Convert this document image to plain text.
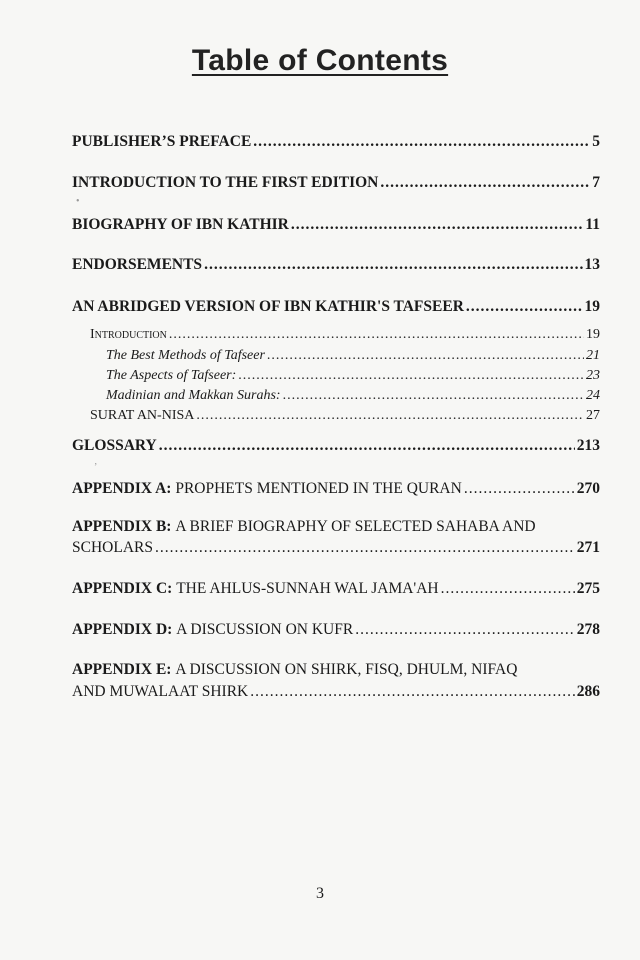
Table of Contents
PUBLISHER’S PREFACE .....	5
INTRODUCTION TO THE FIRST EDITION .....	7
BIOGRAPHY OF IBN KATHIR .....	11
ENDORSEMENTS .....	13
AN ABRIDGED VERSION OF IBN KATHIR'S TAFSEER .....	19
Introduction .....	19
The Best Methods of Tafseer .....	21
The Aspects of Tafseer: .....	23
Madinian and Makkan Surahs: .....	24
SURAT AN-NISA .....	27
GLOSSARY .....	213
APPENDIX A:
PROPHETS MENTIONED IN THE QURAN .....	270
APPENDIX B: A BRIEF BIOGRAPHY OF SELECTED SAHABA AND
SCHOLARS .....	271
APPENDIX C:
THE AHLUS-SUNNAH WAL JAMA'AH .....	275
APPENDIX D:
A DISCUSSION ON KUFR .....	278
APPENDIX E: A DISCUSSION ON SHIRK, FISQ, DHULM, NIFAQ
AND MUWALAAT SHIRK .....	286
’
•
3
